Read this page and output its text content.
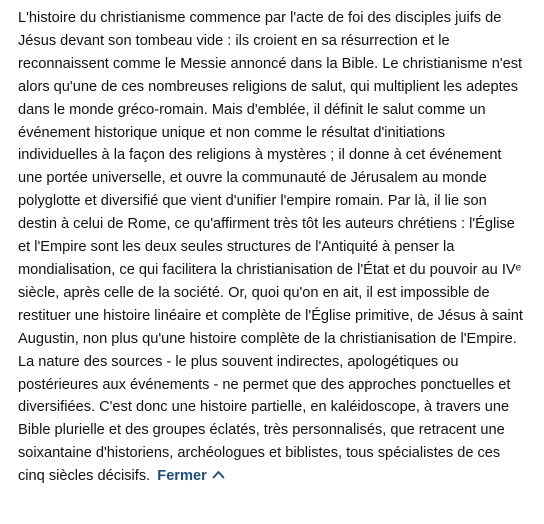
L'histoire du christianisme commence par l'acte de foi des disciples juifs de Jésus devant son tombeau vide : ils croient en sa résurrection et le reconnaissent comme le Messie annoncé dans la Bible. Le christianisme n'est alors qu'une de ces nombreuses religions de salut, qui multiplient les adeptes dans le monde gréco-romain. Mais d'emblée, il définit le salut comme un événement historique unique et non comme le résultat d'initiations individuelles à la façon des religions à mystères ; il donne à cet événement une portée universelle, et ouvre la communauté de Jérusalem au monde polyglotte et diversifié que vient d'unifier l'empire romain. Par là, il lie son destin à celui de Rome, ce qu'affirment très tôt les auteurs chrétiens : l'Église et l'Empire sont les deux seules structures de l'Antiquité à penser la mondialisation, ce qui facilitera la christianisation de l'État et du pouvoir au IVᵉ siècle, après celle de la société. Or, quoi qu'on en ait, il est impossible de restituer une histoire linéaire et complète de l'Église primitive, de Jésus à saint Augustin, non plus qu'une histoire complète de la christianisation de l'Empire. La nature des sources - le plus souvent indirectes, apologétiques ou postérieures aux événements - ne permet que des approches ponctuelles et diversifiées. C'est donc une histoire partielle, en kaléidoscope, à travers une Bible plurielle et des groupes éclatés, très personnalisés, que retracent une soixantaine d'historiens, archéologues et biblistes, tous spécialistes de ces cinq siècles décisifs. Fermer
